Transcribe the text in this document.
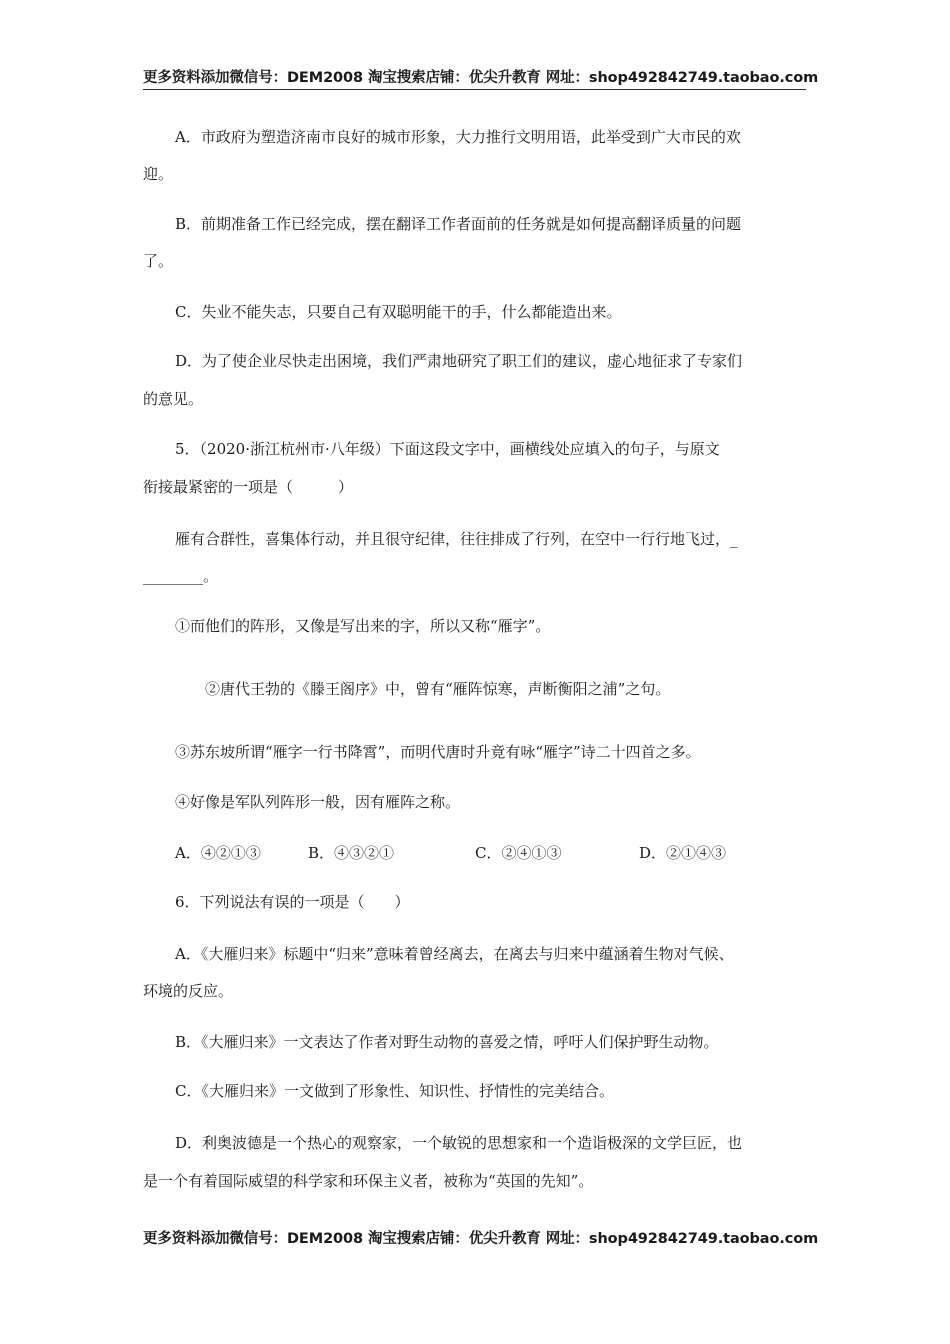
更多资料添加微信号：DEM2008 淘宝搜索店铺：优尖升教育 网址：shop492842749.taobao.com
A．市政府为塑造济南市良好的城市形象，大力推行文明用语，此举受到广大市民的欢
迎。
B．前期准备工作已经完成，摆在翻译工作者面前的任务就是如何提高翻译质量的问题
了。
C．失业不能失志，只要自己有双聪明能干的手，什么都能造出来。
D．为了使企业尽快走出困境，我们严肃地研究了职工们的建议，虚心地征求了专家们
的意见。
5．（2020·浙江杭州市·八年级）下面这段文字中，画横线处应填入的句子，与原文
衔接最紧密的一项是（　　　）
雁有合群性，喜集体行动，并且很守纪律，往往排成了行列，在空中一行行地飞过，_
________。
①而他们的阵形，又像是写出来的字，所以又称“雁字”。
②唐代王勃的《滕王阁序》中，曾有“雁阵惊寒，声断衡阳之浦”之句。
③苏东坡所谓“雁字一行书降霄”，而明代唐时升竟有咏“雁字”诗二十四首之多。
④好像是军队列阵形一般，因有雁阵之称。
A．④②①③	B．④③②①	C．②④①③	D．②①④③
6．下列说法有误的一项是（　　）
A．《大雁归来》标题中“归来”意味着曾经离去，在离去与归来中蕴涵着生物对气候、
环境的反应。
B．《大雁归来》一文表达了作者对野生动物的喜爱之情，呼吁人们保护野生动物。
C．《大雁归来》一文做到了形象性、知识性、抒情性的完美结合。
D．利奥波德是一个热心的观察家，一个敏锐的思想家和一个造诣极深的文学巨匠，也
是一个有着国际威望的科学家和环保主义者，被称为“英国的先知”。
更多资料添加微信号：DEM2008 淘宝搜索店铺：优尖升教育 网址：shop492842749.taobao.com
